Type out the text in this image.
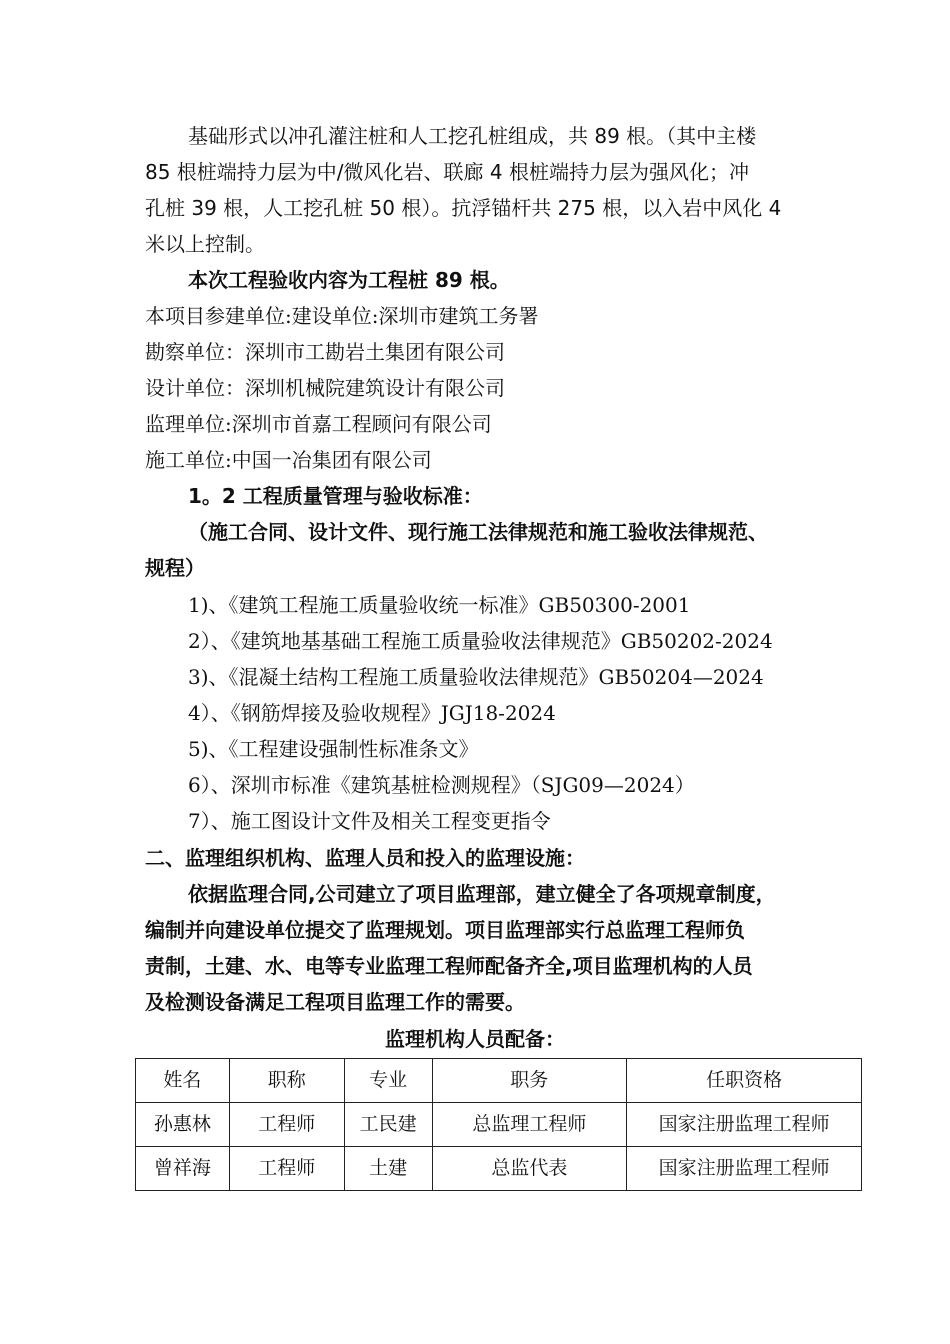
基础形式以冲孔灌注桩和人工挖孔桩组成，共 89 根。（其中主楼
85 根桩端持力层为中/微风化岩、联廊 4 根桩端持力层为强风化；冲
孔桩 39 根，人工挖孔桩 50 根）。抗浮锚杆共 275 根，以入岩中风化 4
米以上控制。
本次工程验收内容为工程桩 89 根。
本项目参建单位:建设单位:深圳市建筑工务署
勘察单位：深圳市工勘岩土集团有限公司
设计单位：深圳机械院建筑设计有限公司
监理单位:深圳市首嘉工程顾问有限公司
施工单位:中国一冶集团有限公司
1。2 工程质量管理与验收标准：
（施工合同、设计文件、现行施工法律规范和施工验收法律规范、
规程）
1)、《建筑工程施工质量验收统一标准》GB50300-2001
2）、《建筑地基基础工程施工质量验收法律规范》GB50202-2024
3)、《混凝土结构工程施工质量验收法律规范》GB50204—2024
4）、《钢筋焊接及验收规程》JGJ18-2024
5)、《工程建设强制性标准条文》
6）、深圳市标准《建筑基桩检测规程》（SJG09—2024）
7）、施工图设计文件及相关工程变更指令
二、监理组织机构、监理人员和投入的监理设施：
依据监理合同,公司建立了项目监理部，建立健全了各项规章制度，
编制并向建设单位提交了监理规划。项目监理部实行总监理工程师负
责制，土建、水、电等专业监理工程师配备齐全,项目监理机构的人员
及检测设备满足工程项目监理工作的需要。
监理机构人员配备：
姓名	职称	专业	职务	任职资格
孙惠林	工程师	工民建	总监理工程师	国家注册监理工程师
曾祥海	工程师	土建	总监代表	国家注册监理工程师
